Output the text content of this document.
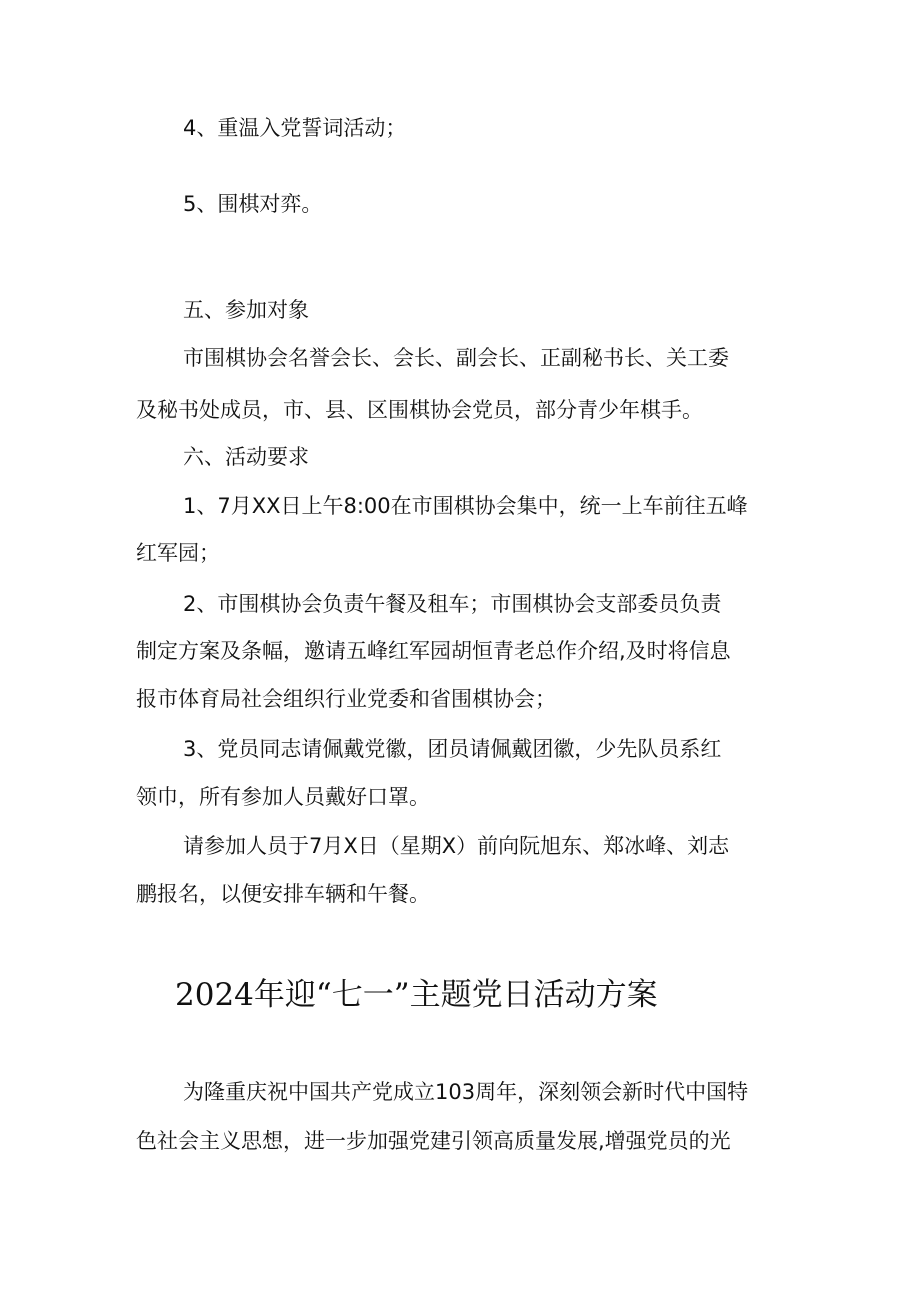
4、重温入党誓词活动；
5、围棋对弈。
五、参加对象
市围棋协会名誉会长、会长、副会长、正副秘书长、关工委
及秘书处成员，市、县、区围棋协会党员，部分青少年棋手。
六、活动要求
1、7月XX日上午8:00在市围棋协会集中，统一上车前往五峰
红军园；
2、市围棋协会负责午餐及租车；市围棋协会支部委员负责
制定方案及条幅，邀请五峰红军园胡恒青老总作介绍,及时将信息
报市体育局社会组织行业党委和省围棋协会；
3、党员同志请佩戴党徽，团员请佩戴团徽，少先队员系红
领巾，所有参加人员戴好口罩。
请参加人员于7月X日（星期X）前向阮旭东、郑冰峰、刘志
鹏报名，以便安排车辆和午餐。
2024年迎“七一”主题党日活动方案
为隆重庆祝中国共产党成立103周年，深刻领会新时代中国特
色社会主义思想，进一步加强党建引领高质量发展,增强党员的光
